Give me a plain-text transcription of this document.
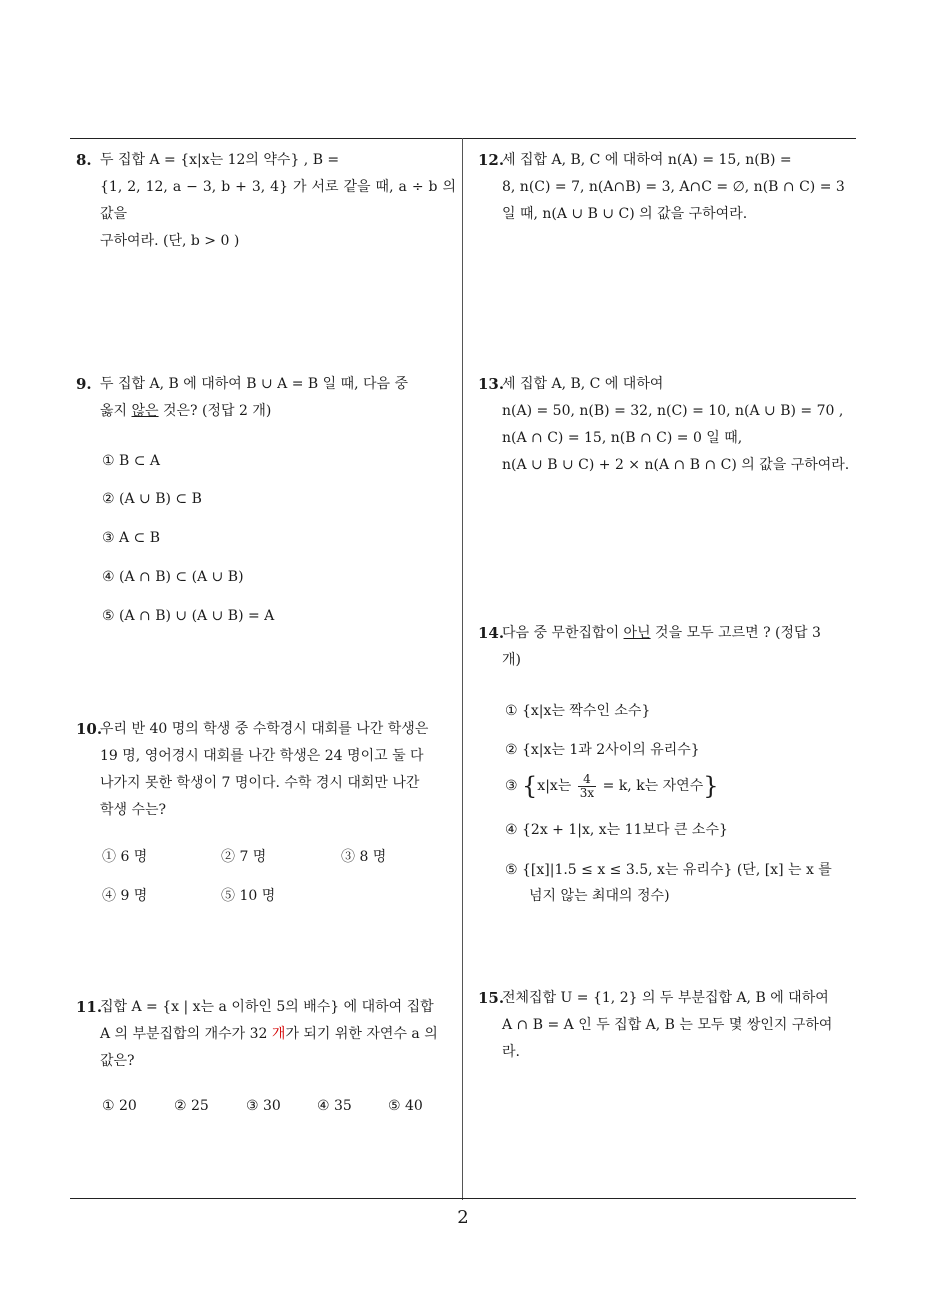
8. 두 집합 A = {x|x는 12의 약수} , B =
{1, 2, 12, a − 3, b + 3, 4} 가 서로 같을 때, a ÷ b 의 값을
구하여라. (단, b > 0 )
9. 두 집합 A, B 에 대하여 B ∪ A = B 일 때, 다음 중
옳지 않은 것은? (정답 2 개)
① B ⊂ A
② (A ∪ B) ⊂ B
③ A ⊂ B
④ (A ∩ B) ⊂ (A ∪ B)
⑤ (A ∩ B) ∪ (A ∪ B) = A
10.
우리 반 40 명의 학생 중 수학경시 대회를 나간 학생은
19 명, 영어경시 대회를 나간 학생은 24 명이고 둘 다
나가지 못한 학생이 7 명이다. 수학 경시 대회만 나간
학생 수는?
① 6 명	② 7 명	③ 8 명
④ 9 명	⑤ 10 명
11.
집합 A = {x | x는 a 이하인 5의 배수} 에 대하여 집합
A 의 부분집합의 개수가 32 개가 되기 위한 자연수 a 의
값은?
① 20	② 25	③ 30	④ 35	⑤ 40
12.
세 집합 A, B, C 에 대하여 n(A) = 15, n(B) =
8, n(C) = 7, n(A∩B) = 3, A∩C = ∅, n(B ∩ C) = 3
일 때, n(A ∪ B ∪ C) 의 값을 구하여라.
13.
세 집합 A, B, C 에 대하여
n(A) = 50, n(B) = 32, n(C) = 10, n(A ∪ B) = 70 ,
n(A ∩ C) = 15, n(B ∩ C) = 0 일 때,
n(A ∪ B ∪ C) + 2 × n(A ∩ B ∩ C) 의 값을 구하여라.
14.
다음 중 무한집합이 아닌 것을 모두 고르면 ? (정답 3
개)
① {x|x는 짝수인 소수}
② {x|x는 1과 2사이의 유리수}
③ {x|x는 $\frac{4}{3x} = k$, k는 자연수}
④ {2x + 1|x, x는 11보다 큰 소수}
⑤ {[x]|1.5 ≤ x ≤ 3.5, x는 유리수} (단, [x] 는 x 를
넘지 않는 최대의 정수)
15.
전체집합 U = {1, 2} 의 두 부분집합 A, B 에 대하여
A ∩ B = A 인 두 집합 A, B 는 모두 몇 쌍인지 구하여
라.
2
